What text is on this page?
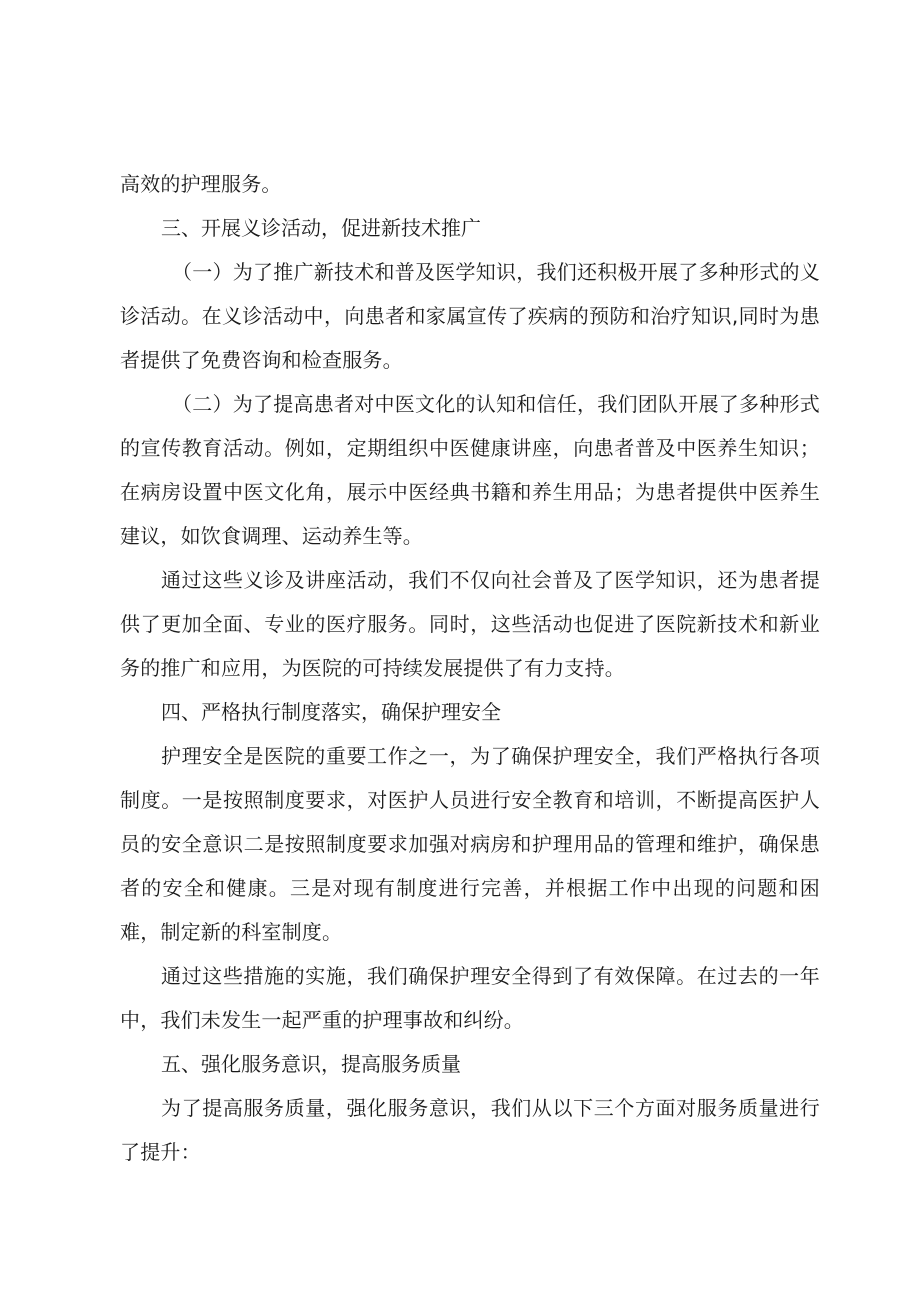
高效的护理服务。

三、开展义诊活动，促进新技术推广

（一）为了推广新技术和普及医学知识，我们还积极开展了多种形式的义诊活动。在义诊活动中，向患者和家属宣传了疾病的预防和治疗知识,同时为患者提供了免费咨询和检查服务。

（二）为了提高患者对中医文化的认知和信任，我们团队开展了多种形式的宣传教育活动。例如，定期组织中医健康讲座，向患者普及中医养生知识；在病房设置中医文化角，展示中医经典书籍和养生用品；为患者提供中医养生建议，如饮食调理、运动养生等。

通过这些义诊及讲座活动，我们不仅向社会普及了医学知识，还为患者提供了更加全面、专业的医疗服务。同时，这些活动也促进了医院新技术和新业务的推广和应用，为医院的可持续发展提供了有力支持。

四、严格执行制度落实，确保护理安全

护理安全是医院的重要工作之一，为了确保护理安全，我们严格执行各项制度。一是按照制度要求，对医护人员进行安全教育和培训，不断提高医护人员的安全意识二是按照制度要求加强对病房和护理用品的管理和维护，确保患者的安全和健康。三是对现有制度进行完善，并根据工作中出现的问题和困难，制定新的科室制度。

通过这些措施的实施，我们确保护理安全得到了有效保障。在过去的一年中，我们未发生一起严重的护理事故和纠纷。

五、强化服务意识，提高服务质量

为了提高服务质量，强化服务意识，我们从以下三个方面对服务质量进行了提升：
